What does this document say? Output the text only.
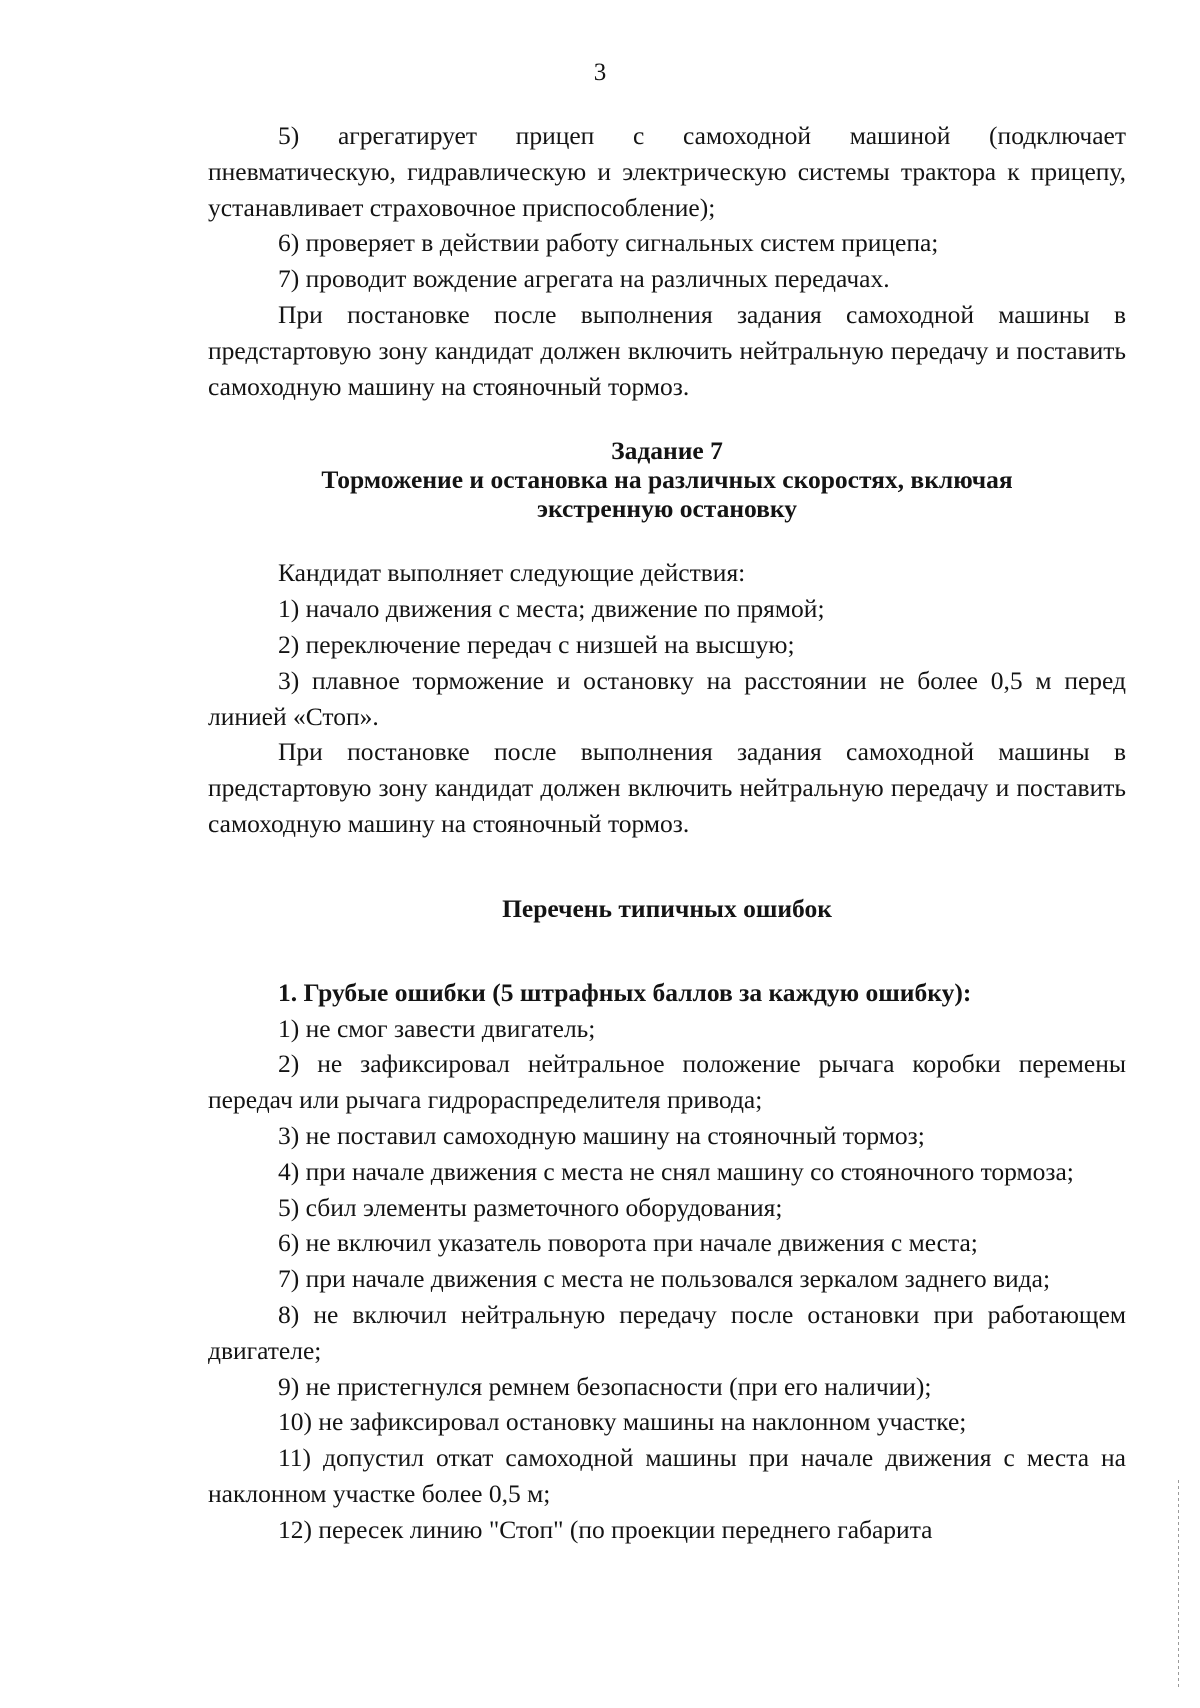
3

5) агрегатирует прицеп с самоходной машиной (подключает пневматическую, гидравлическую и электрическую системы трактора к прицепу, устанавливает страховочное приспособление);

6) проверяет в действии работу сигнальных систем прицепа;

7) проводит вождение агрегата на различных передачах.

При постановке после выполнения задания самоходной машины в предстартовую зону кандидат должен включить нейтральную передачу и поставить самоходную машину на стояночный тормоз.

Задание 7

Торможение и остановка на различных скоростях, включая

экстренную остановку

Кандидат выполняет следующие действия:

1) начало движения с места; движение по прямой;

2) переключение передач с низшей на высшую;

3) плавное торможение и остановку на расстоянии не более 0,5 м перед линией «Стоп».

При постановке после выполнения задания самоходной машины в предстартовую зону кандидат должен включить нейтральную передачу и поставить самоходную машину на стояночный тормоз.

Перечень типичных ошибок

1. Грубые ошибки (5 штрафных баллов за каждую ошибку):

1) не смог завести двигатель;

2) не зафиксировал нейтральное положение рычага коробки перемены передач или рычага гидрораспределителя привода;

3) не поставил самоходную машину на стояночный тормоз;

4) при начале движения с места не снял машину со стояночного тормоза;

5) сбил элементы разметочного оборудования;

6) не включил указатель поворота при начале движения с места;

7) при начале движения с места не пользовался зеркалом заднего вида;

8) не включил нейтральную передачу после остановки при работающем двигателе;

9) не пристегнулся ремнем безопасности (при его наличии);

10) не зафиксировал остановку машины на наклонном участке;

11) допустил откат самоходной машины при начале движения с места на наклонном участке более 0,5 м;

12) пересек линию "Стоп" (по проекции переднего габарита
